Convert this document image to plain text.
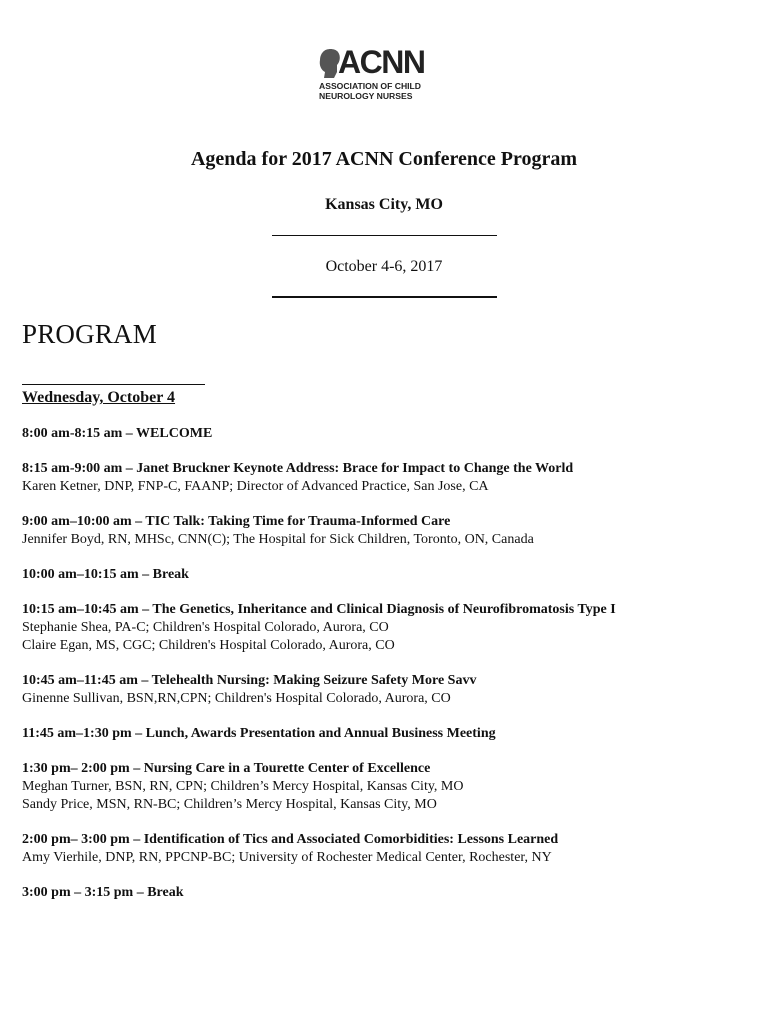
ACNN
ASSOCIATION OF CHILD
NEUROLOGY NURSES
Agenda for 2017 ACNN Conference Program
Kansas City, MO
October 4-6, 2017
PROGRAM
Wednesday, October 4
8:00 am-8:15 am – WELCOME
8:15 am-9:00 am – Janet Bruckner Keynote Address: Brace for Impact to Change the World
Karen Ketner, DNP, FNP-C, FAANP; Director of Advanced Practice, San Jose, CA
9:00 am–10:00 am – TIC Talk: Taking Time for Trauma-Informed Care
Jennifer Boyd, RN, MHSc, CNN(C); The Hospital for Sick Children, Toronto, ON, Canada
10:00 am–10:15 am – Break
10:15 am–10:45 am – The Genetics, Inheritance and Clinical Diagnosis of Neurofibromatosis Type I
Stephanie Shea, PA-C; Children's Hospital Colorado, Aurora, CO
Claire Egan, MS, CGC; Children's Hospital Colorado, Aurora, CO
10:45 am–11:45 am – Telehealth Nursing: Making Seizure Safety More Savv
Ginenne Sullivan, BSN,RN,CPN; Children's Hospital Colorado, Aurora, CO
11:45 am–1:30 pm – Lunch, Awards Presentation and Annual Business Meeting
1:30 pm– 2:00 pm – Nursing Care in a Tourette Center of Excellence
Meghan Turner, BSN, RN, CPN; Children’s Mercy Hospital, Kansas City, MO
Sandy Price, MSN, RN-BC; Children’s Mercy Hospital, Kansas City, MO
2:00 pm– 3:00 pm – Identification of Tics and Associated Comorbidities: Lessons Learned
Amy Vierhile, DNP, RN, PPCNP-BC; University of Rochester Medical Center, Rochester, NY
3:00 pm – 3:15 pm – Break
